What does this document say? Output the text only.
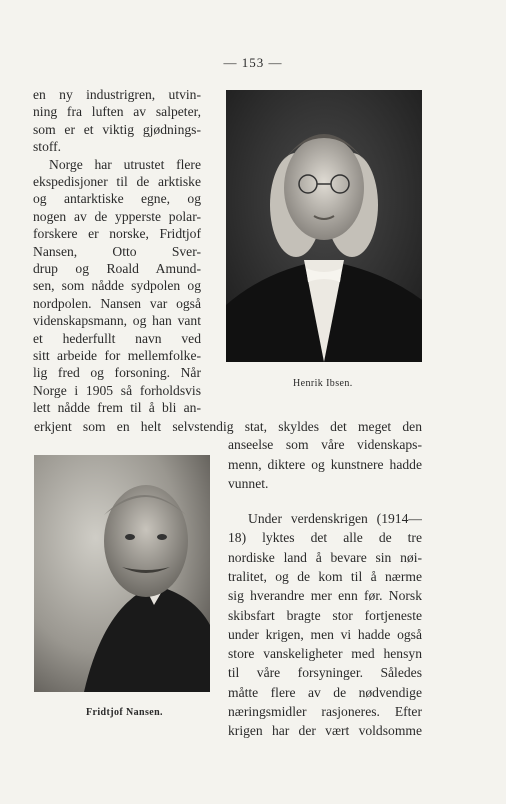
— 153 —
en ny industrigren, utvin-
ning fra luften av salpeter,
som er et viktig gjødnings-
stoff.
Norge har utrustet flere
ekspedisjoner til de arktiske
og antarktiske egne, og
nogen av de ypperste polar-
forskere er norske, Fridtjof
Nansen, Otto Sver-
drup og Roald Amund-
sen, som nådde sydpolen og
nordpolen. Nansen var også
videnskapsmann, og han vant
et hederfullt navn ved
sitt arbeide for mellemfolke-
lig fred og forsoning. Når
Norge i 1905 så forholdsvis
lett nådde frem til å bli an-
Henrik Ibsen.
erkjent som en helt selvstendig stat, skyldes det meget den
Fridtjof Nansen.
anseelse som våre videnskaps-
menn, diktere og kunstnere hadde
vunnet.
Under verdenskrigen (1914—
18) lyktes det alle de tre
nordiske land å bevare sin nøi-
tralitet, og de kom til å nærme
sig hverandre mer enn før. Norsk
skibsfart bragte stor fortjeneste
under krigen, men vi hadde også
store vanskeligheter med hensyn
til våre forsyninger. Således
måtte flere av de nødvendige
næringsmidler rasjoneres. Efter
krigen har der vært voldsomme
